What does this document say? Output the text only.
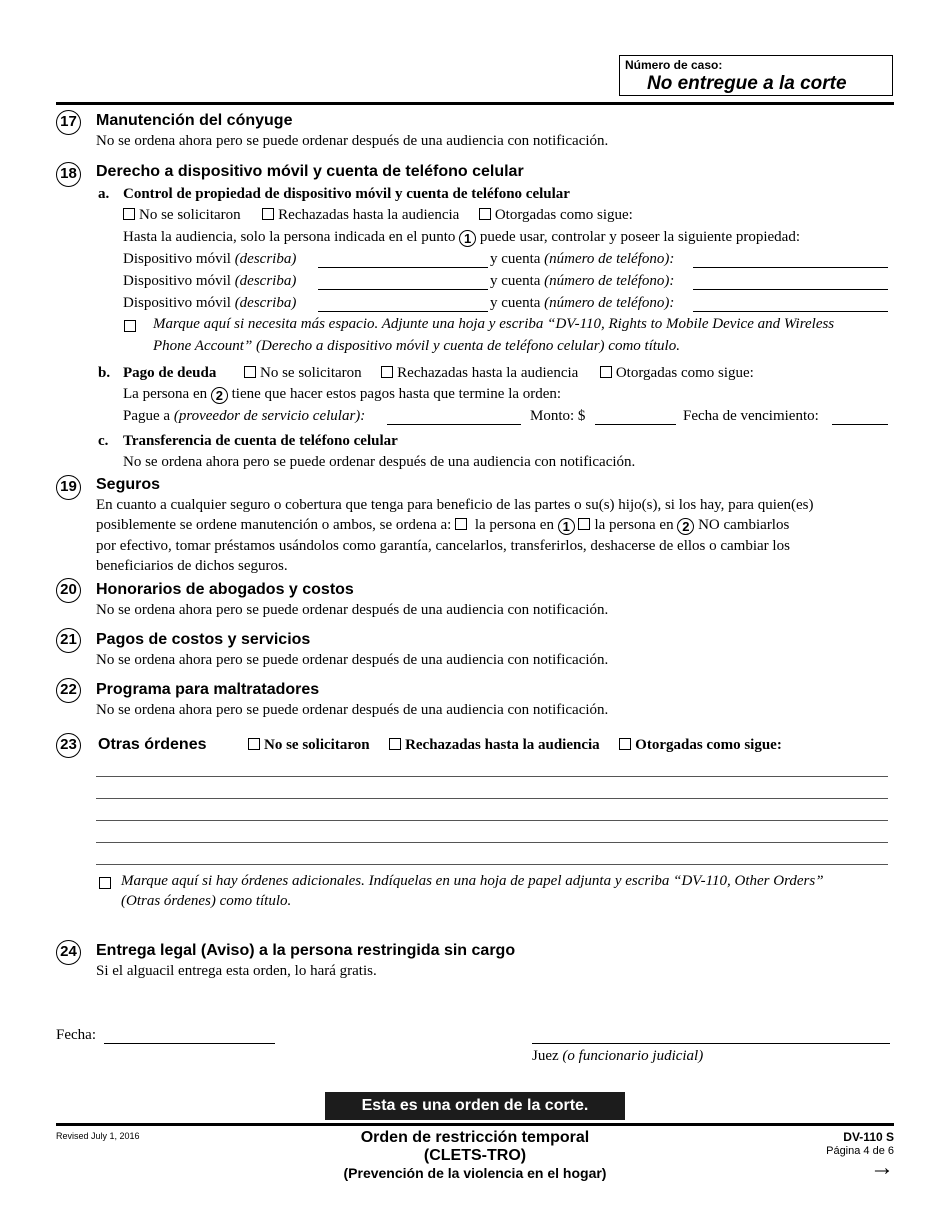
Número de caso:
No entregue a la corte
17 Manutención del cónyuge
No se ordena ahora pero se puede ordenar después de una audiencia con notificación.
18 Derecho a dispositivo móvil y cuenta de teléfono celular
a. Control de propiedad de dispositivo móvil y cuenta de teléfono celular
No se solicitaron	Rechazadas hasta la audiencia Otorgadas como sigue:
Hasta la audiencia, solo la persona indicada en el punto 1 puede usar, controlar y poseer la siguiente propiedad:
Dispositivo móvil (describa)	y cuenta (número de teléfono):
Dispositivo móvil (describa)	y cuenta (número de teléfono):
Dispositivo móvil (describa)	y cuenta (número de teléfono):
Marque aquí si necesita más espacio. Adjunte una hoja y escriba “DV-110, Rights to Mobile Device and Wireless
Phone Account” (Derecho a dispositivo móvil y cuenta de teléfono celular) como título.
b. Pago de deuda	No se solicitaron Rechazadas hasta la audiencia	Otorgadas como sigue:
La persona en 2 tiene que hacer estos pagos hasta que termine la orden:
Pague a (proveedor de servicio celular):	Monto: $	Fecha de vencimiento:
c. Transferencia de cuenta de teléfono celular
No se ordena ahora pero se puede ordenar después de una audiencia con notificación.
19 Seguros
En cuanto a cualquier seguro o cobertura que tenga para beneficio de las partes o su(s) hijo(s), si los hay, para quien(es)
posiblemente se ordene manutención o ambos, se ordena a: la persona en 1 la persona en 2 NO cambiarlos
por efectivo, tomar préstamos usándolos como garantía, cancelarlos, transferirlos, deshacerse de ellos o cambiar los
beneficiarios de dichos seguros.
20 Honorarios de abogados y costos
No se ordena ahora pero se puede ordenar después de una audiencia con notificación.
21 Pagos de costos y servicios
No se ordena ahora pero se puede ordenar después de una audiencia con notificación.
22 Programa para maltratadores
No se ordena ahora pero se puede ordenar después de una audiencia con notificación.
23 Otras órdenes	No se solicitaron Rechazadas hasta la audiencia Otorgadas como sigue:
Marque aquí si hay órdenes adicionales. Indíquelas en una hoja de papel adjunta y escriba “DV-110, Other Orders”
(Otras órdenes) como título.
24 Entrega legal (Aviso) a la persona restringida sin cargo
Si el alguacil entrega esta orden, lo hará gratis.
Fecha:
Juez (o funcionario judicial)
Esta es una orden de la corte.
Revised July 1, 2016	Orden de restricción temporal
(CLETS-TRO)
(Prevención de la violencia en el hogar)
DV-110 S
Página 4 de 6
→
